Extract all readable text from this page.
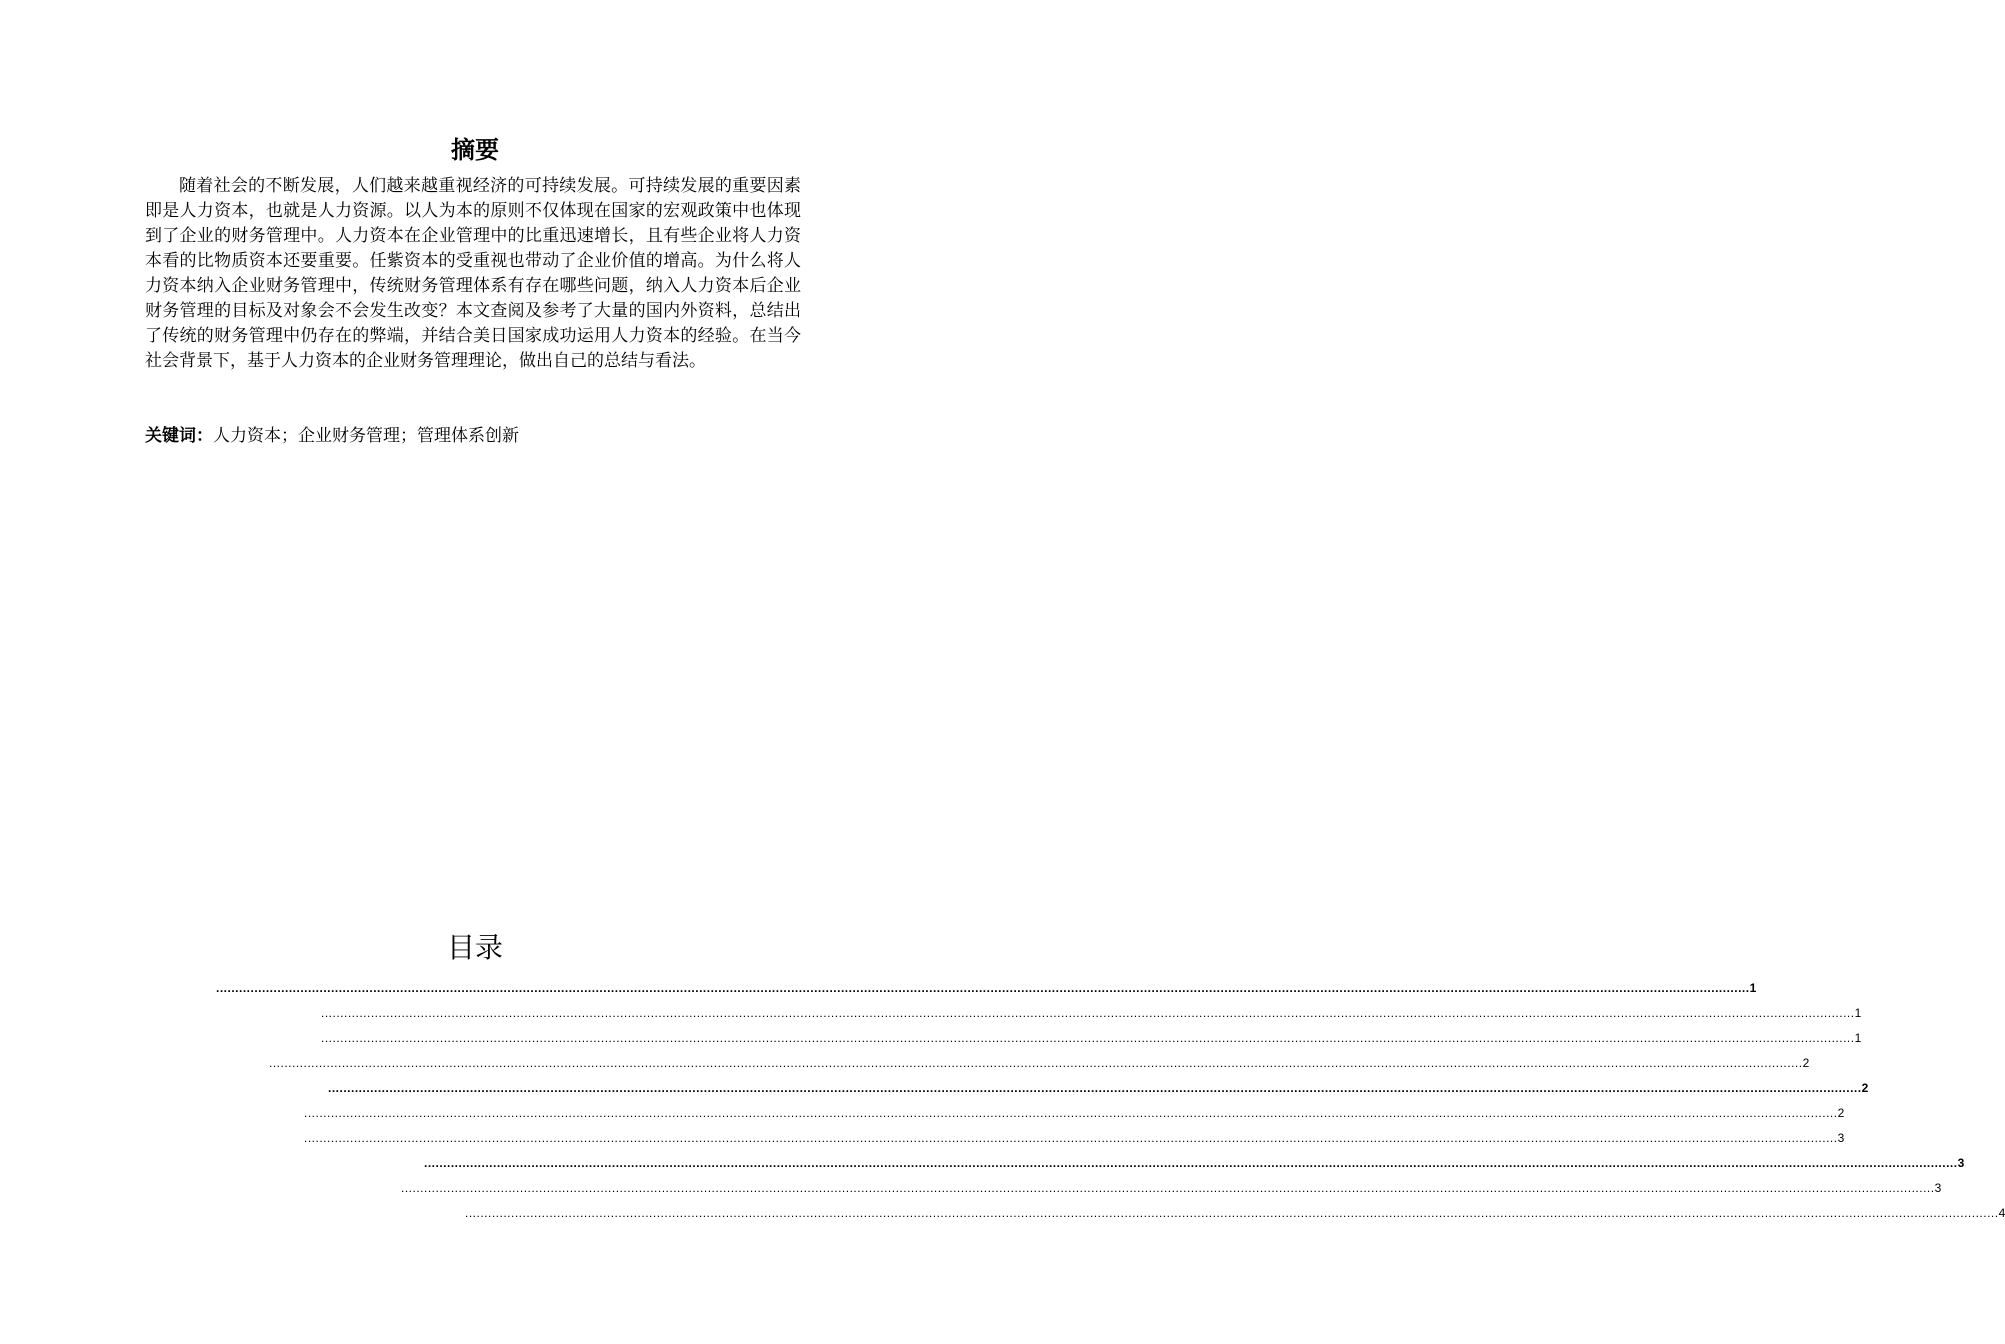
摘要

随着社会的不断发展，人们越来越重视经济的可持续发展。可持续发展的重要因素即是人力资本，也就是人力资源。以人为本的原则不仅体现在国家的宏观政策中也体现到了企业的财务管理中。人力资本在企业管理中的比重迅速增长，且有些企业将人力资本看的比物质资本还要重要。任紫资本的受重视也带动了企业价值的增高。为什么将人力资本纳入企业财务管理中，传统财务管理体系有存在哪些问题，纳入人力资本后企业财务管理的目标及对象会不会发生改变？本文查阅及参考了大量的国内外资料，总结出了传统的财务管理中仍存在的弊端，并结合美日国家成功运用人力资本的经验。在当今社会背景下，基于人力资本的企业财务管理理论，做出自己的总结与看法。

关键词：人力资本；企业财务管理；管理体系创新

目录
................................................................................................................................................................................................................................................................................................................................................................................................................ 1
................................................................................................................................................................................................................................................................................................................................................................................................................ 1
................................................................................................................................................................................................................................................................................................................................................................................................................ 1
................................................................................................................................................................................................................................................................................................................................................................................................................ 2
................................................................................................................................................................................................................................................................................................................................................................................................................ 2
................................................................................................................................................................................................................................................................................................................................................................................................................ 2
................................................................................................................................................................................................................................................................................................................................................................................................................ 3
................................................................................................................................................................................................................................................................................................................................................................................................................ 3
................................................................................................................................................................................................................................................................................................................................................................................................................ 3
................................................................................................................................................................................................................................................................................................................................................................................................................ 4
